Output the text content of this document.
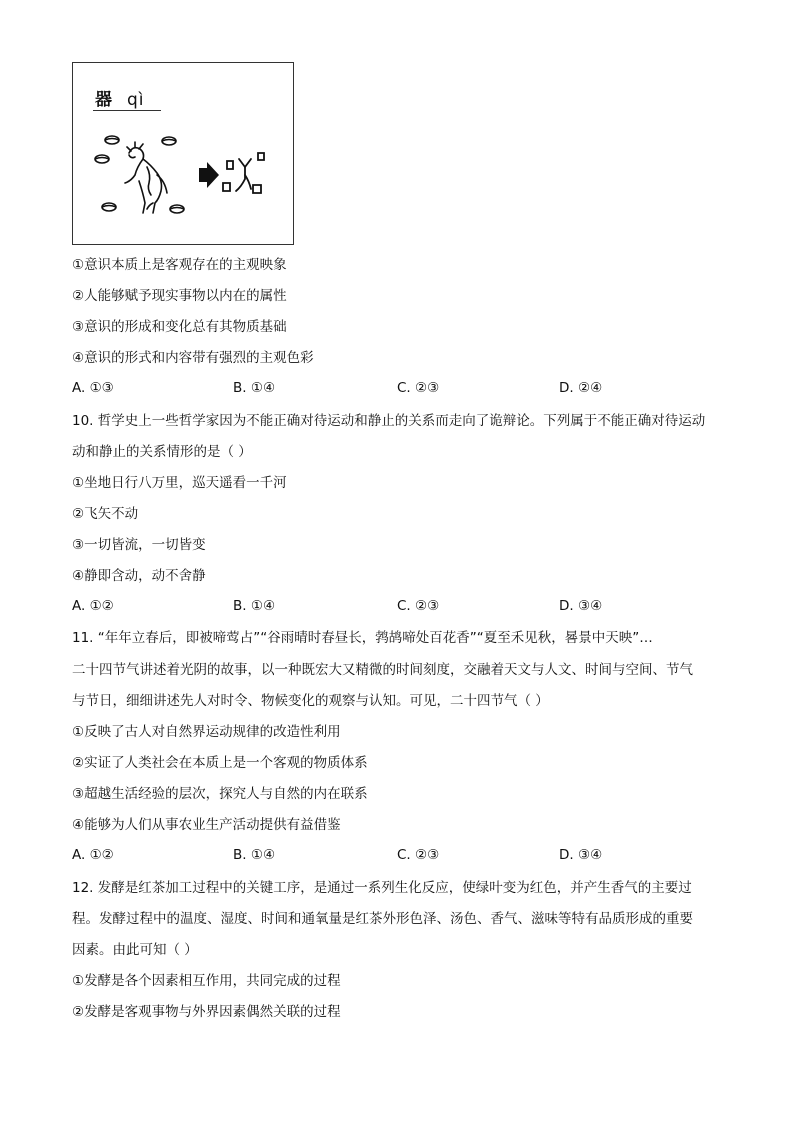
器 qì
①意识本质上是客观存在的主观映象
②人能够赋予现实事物以内在的属性
③意识的形成和变化总有其物质基础
④意识的形式和内容带有强烈的主观色彩
A. ①③	B. ①④	C. ②③	D. ②④
10. 哲学史上一些哲学家因为不能正确对待运动和静止的关系而走向了诡辩论。下列属于不能正确对待运动
动和静止的关系情形的是（ ）
①坐地日行八万里，巡天遥看一千河
②飞矢不动
③一切皆流，一切皆变
④静即含动，动不舍静
A. ①②	B. ①④	C. ②③	D. ③④
11. “年年立春后，即被啼莺占”“谷雨晴时春昼长，鹁鸪啼处百花香”“夏至禾见秋，晷景中天映”…
二十四节气讲述着光阴的故事，以一种既宏大又精微的时间刻度，交融着天文与人文、时间与空间、节气
与节日，细细讲述先人对时令、物候变化的观察与认知。可见，二十四节气（ ）
①反映了古人对自然界运动规律的改造性利用
②实证了人类社会在本质上是一个客观的物质体系
③超越生活经验的层次，探究人与自然的内在联系
④能够为人们从事农业生产活动提供有益借鉴
A. ①②	B. ①④	C. ②③	D. ③④
12. 发酵是红茶加工过程中的关键工序，是通过一系列生化反应，使绿叶变为红色，并产生香气的主要过
程。发酵过程中的温度、湿度、时间和通氧量是红茶外形色泽、汤色、香气、滋味等特有品质形成的重要
因素。由此可知（ ）
①发酵是各个因素相互作用，共同完成的过程
②发酵是客观事物与外界因素偶然关联的过程
